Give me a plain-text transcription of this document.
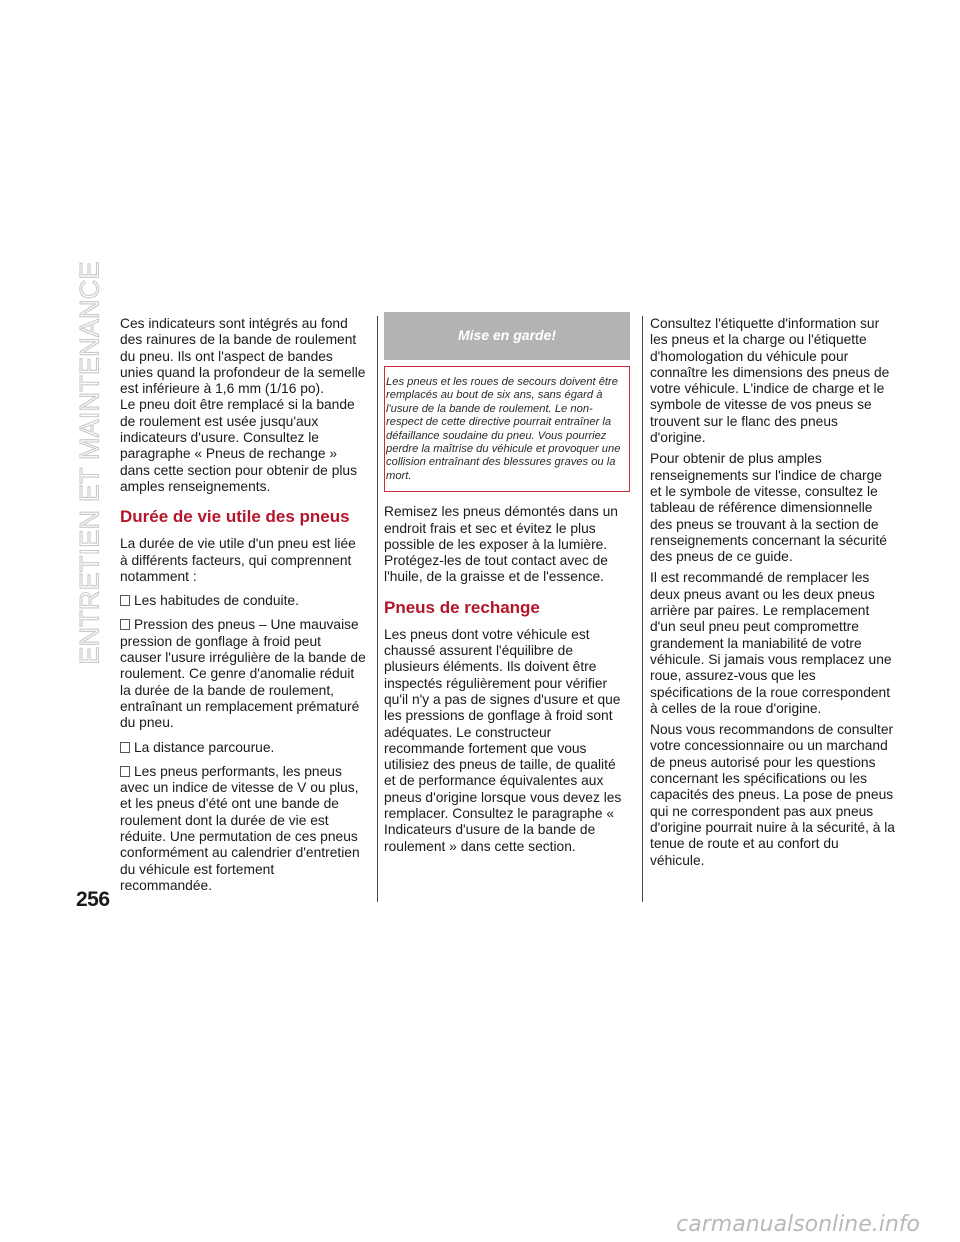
ENTRETIEN ET MAINTENANCE Ces indicateurs sont intégrés au fond des rainures de la bande de roulement du pneu. Ils ont l'aspect de bandes unies quand la profondeur de la semelle est inférieure à 1,6 mm (1/16 po).

Le pneu doit être remplacé si la bande de roulement est usée jusqu'aux indicateurs d'usure. Consultez le paragraphe « Pneus de rechange » dans cette section pour obtenir de plus amples renseignements.

Durée de vie utile des pneus

La durée de vie utile d'un pneu est liée à différents facteurs, qui comprennent notamment :

Les habitudes de conduite.
Pression des pneus – Une mauvaise pression de gonflage à froid peut causer l'usure irrégulière de la bande de roulement. Ce genre d'anomalie réduit la durée de la bande de roulement, entraînant un remplacement prématuré du pneu.
La distance parcourue.
Les pneus performants, les pneus avec un indice de vitesse de V ou plus, et les pneus d'été ont une bande de roulement dont la durée de vie est réduite. Une permutation de ces pneus conformément au calendrier d'entretien du véhicule est fortement recommandée.
Mise en garde!
Les pneus et les roues de secours doivent être remplacés au bout de six ans, sans égard à l'usure de la bande de roulement. Le non-respect de cette directive pourrait entraîner la défaillance soudaine du pneu. Vous pourriez perdre la maîtrise du véhicule et provoquer une collision entraînant des blessures graves ou la mort.

Remisez les pneus démontés dans un endroit frais et sec et évitez le plus possible de les exposer à la lumière. Protégez-les de tout contact avec de l'huile, de la graisse et de l'essence.

Pneus de rechange

Les pneus dont votre véhicule est chaussé assurent l'équilibre de plusieurs éléments. Ils doivent être inspectés régulièrement pour vérifier qu'il n'y a pas de signes d'usure et que les pressions de gonflage à froid sont adéquates. Le constructeur recommande fortement que vous utilisiez des pneus de taille, de qualité et de performance équivalentes aux pneus d'origine lorsque vous devez les remplacer. Consultez le paragraphe « Indicateurs d'usure de la bande de roulement » dans cette section.

Consultez l'étiquette d'information sur les pneus et la charge ou l'étiquette d'homologation du véhicule pour connaître les dimensions des pneus de votre véhicule. L'indice de charge et le symbole de vitesse de vos pneus se trouvent sur le flanc des pneus d'origine.

Pour obtenir de plus amples renseignements sur l'indice de charge et le symbole de vitesse, consultez le tableau de référence dimensionnelle des pneus se trouvant à la section de renseignements concernant la sécurité des pneus de ce guide.

Il est recommandé de remplacer les deux pneus avant ou les deux pneus arrière par paires. Le remplacement d'un seul pneu peut compromettre grandement la maniabilité de votre véhicule. Si jamais vous remplacez une roue, assurez-vous que les spécifications de la roue correspondent à celles de la roue d'origine.

Nous vous recommandons de consulter votre concessionnaire ou un marchand de pneus autorisé pour les questions concernant les spécifications ou les capacités des pneus. La pose de pneus qui ne correspondent pas aux pneus d'origine pourrait nuire à la sécurité, à la tenue de route et au confort du véhicule.

256
carmanualsonline.info
